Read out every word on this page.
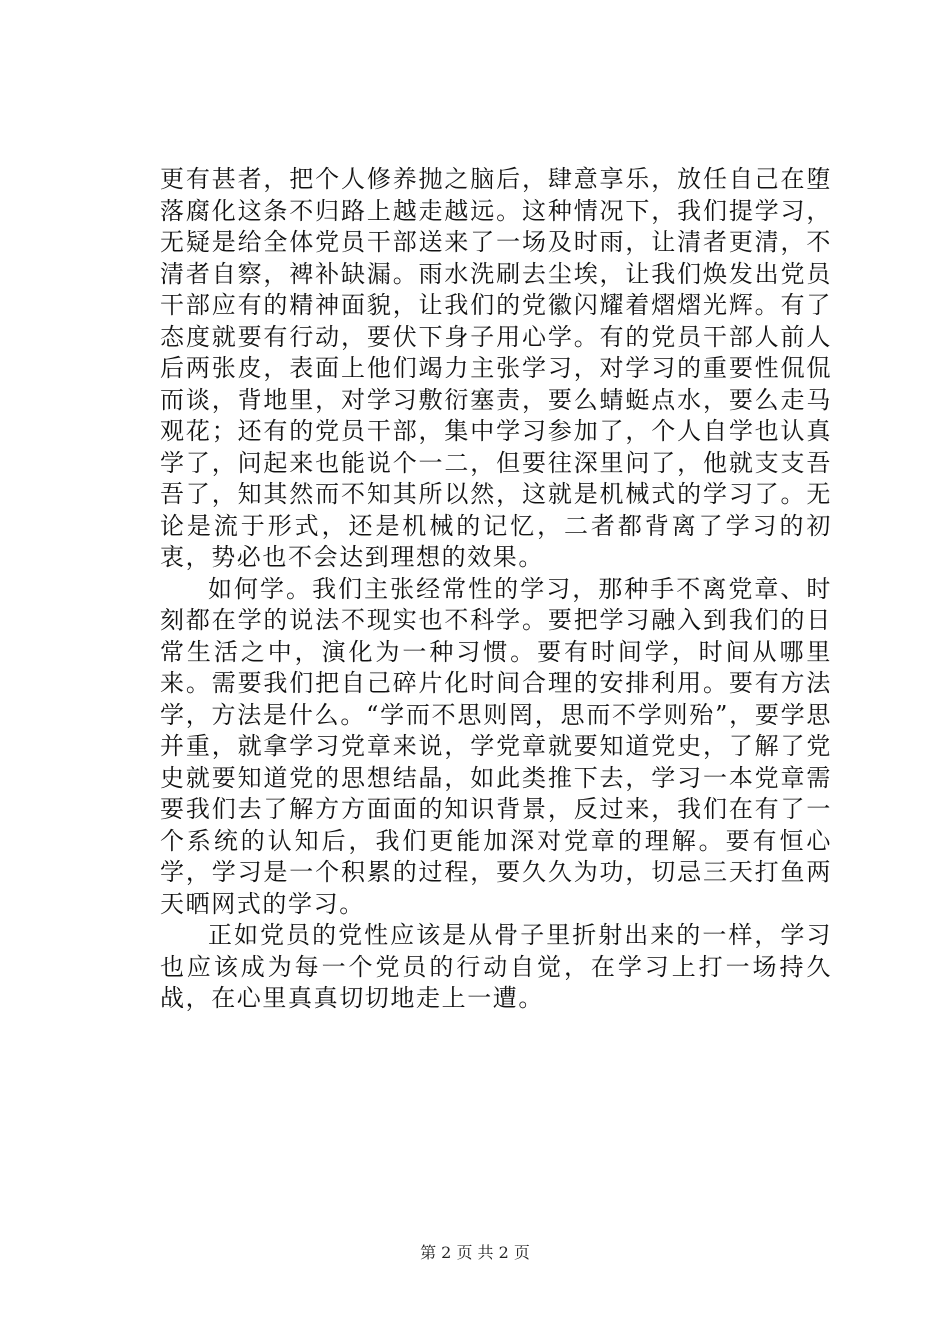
更有甚者，把个人修养抛之脑后，肆意享乐，放任自己在堕落腐化这条不归路上越走越远。这种情况下，我们提学习，无疑是给全体党员干部送来了一场及时雨，让清者更清，不清者自察，裨补缺漏。雨水洗刷去尘埃，让我们焕发出党员干部应有的精神面貌，让我们的党徽闪耀着熠熠光辉。有了态度就要有行动，要伏下身子用心学。有的党员干部人前人后两张皮，表面上他们竭力主张学习，对学习的重要性侃侃而谈，背地里，对学习敷衍塞责，要么蜻蜓点水，要么走马观花；还有的党员干部，集中学习参加了，个人自学也认真学了，问起来也能说个一二，但要往深里问了，他就支支吾吾了，知其然而不知其所以然，这就是机械式的学习了。无论是流于形式，还是机械的记忆，二者都背离了学习的初衷，势必也不会达到理想的效果。

如何学。我们主张经常性的学习，那种手不离党章、时刻都在学的说法不现实也不科学。要把学习融入到我们的日常生活之中，演化为一种习惯。要有时间学，时间从哪里来。需要我们把自己碎片化时间合理的安排利用。要有方法学，方法是什么。“学而不思则罔，思而不学则殆”，要学思并重，就拿学习党章来说，学党章就要知道党史，了解了党史就要知道党的思想结晶，如此类推下去，学习一本党章需要我们去了解方方面面的知识背景，反过来，我们在有了一个系统的认知后，我们更能加深对党章的理解。要有恒心学，学习是一个积累的过程，要久久为功，切忌三天打鱼两天晒网式的学习。

正如党员的党性应该是从骨子里折射出来的一样，学习也应该成为每一个党员的行动自觉，在学习上打一场持久战，在心里真真切切地走上一遭。

第 2 页 共 2 页
